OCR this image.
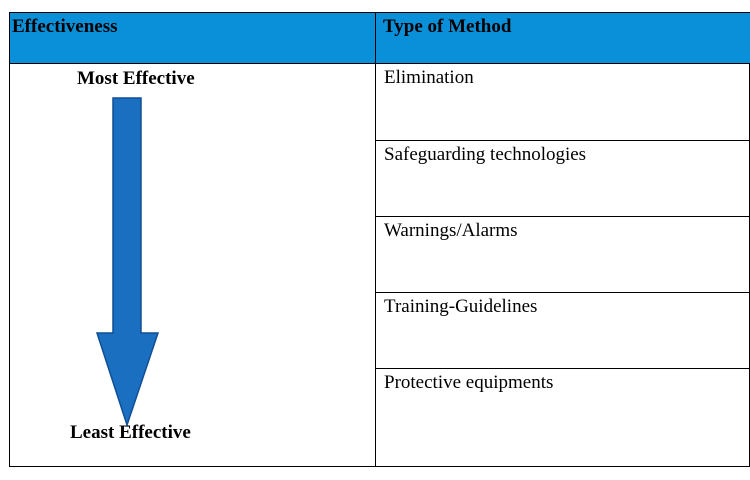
Effectiveness	Type of Method
Most Effective
Least Effective
Elimination
Safeguarding technologies
Warnings/Alarms
Training-Guidelines
Protective equipments
